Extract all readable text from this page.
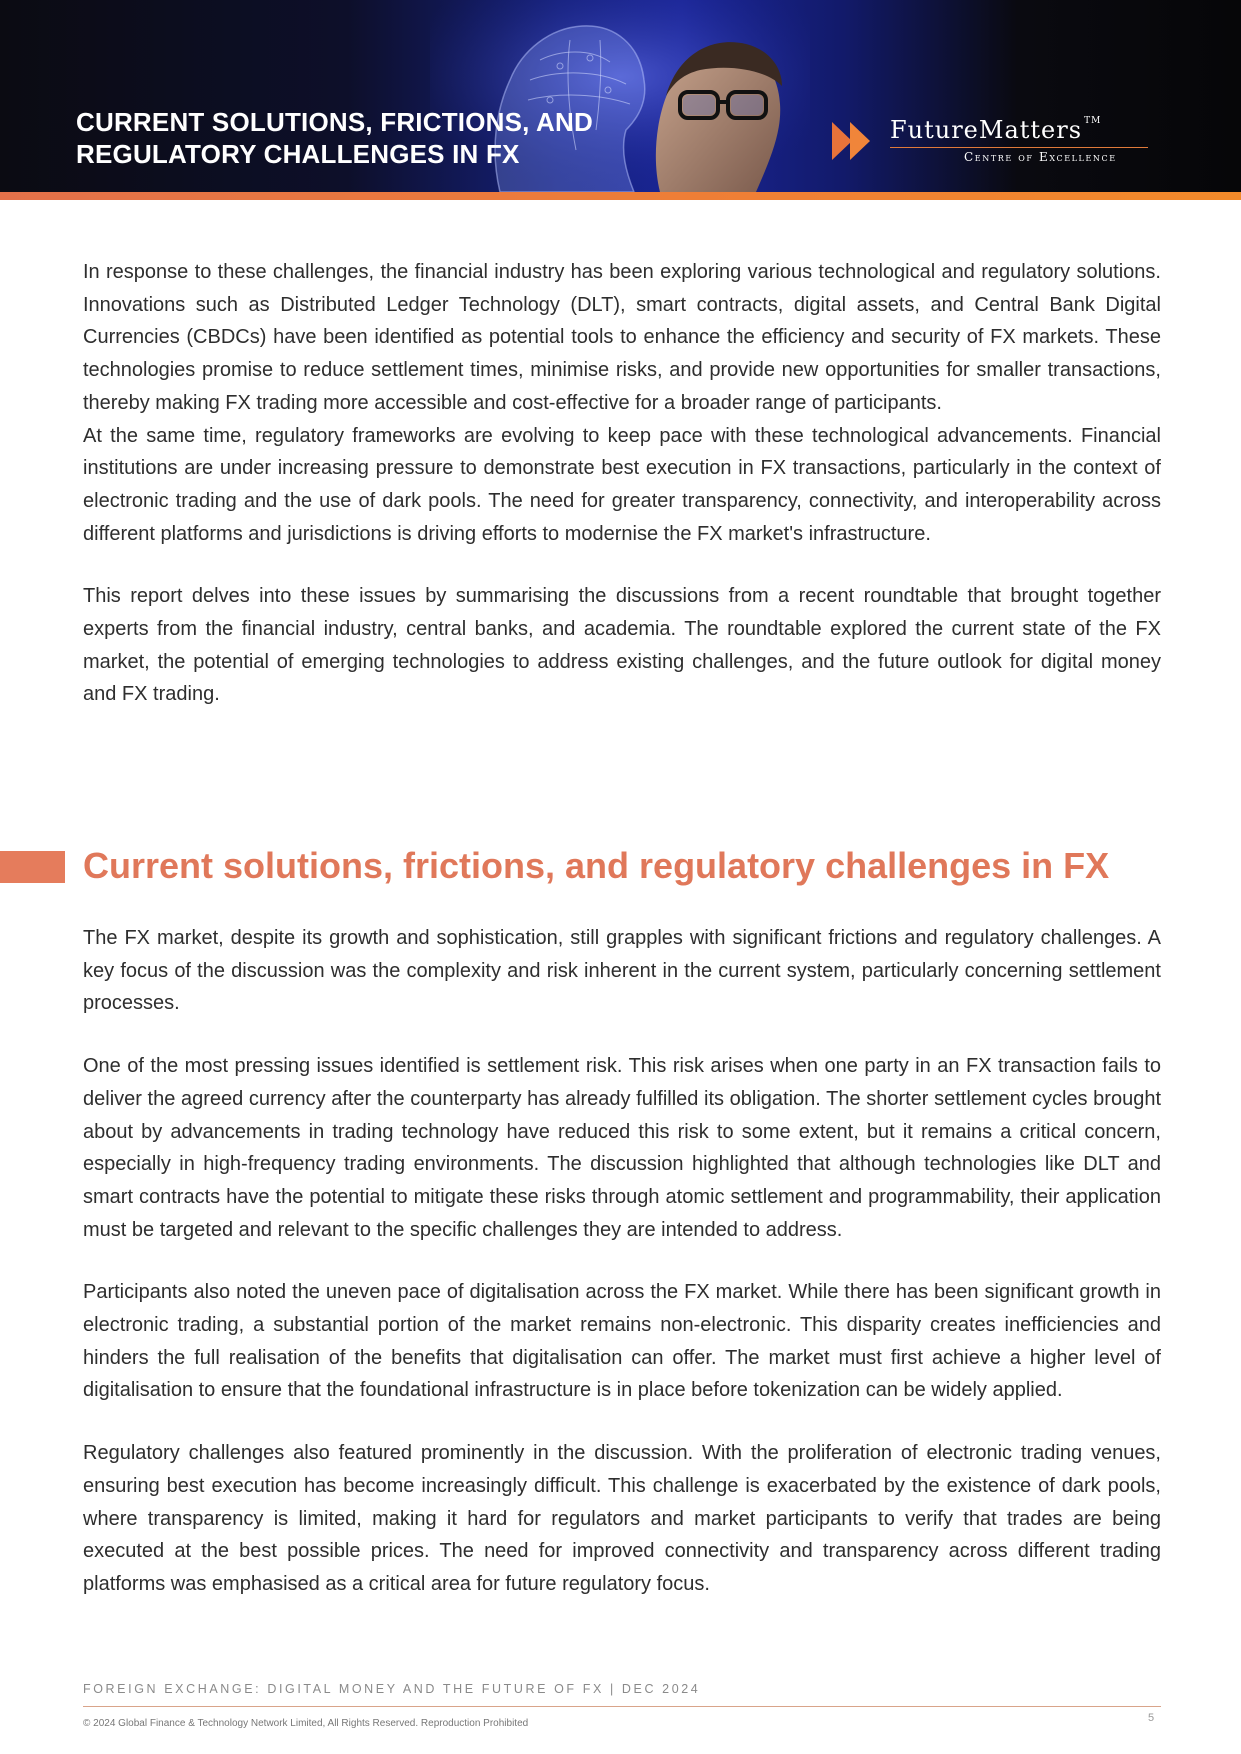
CURRENT SOLUTIONS, FRICTIONS, AND
REGULATORY CHALLENGES IN FX
FutureMatters ™
Centre of Excellence

In response to these challenges, the financial industry has been exploring various technological and regulatory solutions. Innovations such as Distributed Ledger Technology (DLT), smart contracts, digital assets, and Central Bank Digital Currencies (CBDCs) have been identified as potential tools to enhance the efficiency and security of FX markets. These technologies promise to reduce settlement times, minimise risks, and provide new opportunities for smaller transactions, thereby making FX trading more accessible and cost-effective for a broader range of participants.

At the same time, regulatory frameworks are evolving to keep pace with these technological advancements. Financial institutions are under increasing pressure to demonstrate best execution in FX transactions, particularly in the context of electronic trading and the use of dark pools. The need for greater transparency, connectivity, and interoperability across different platforms and jurisdictions is driving efforts to modernise the FX market's infrastructure.

This report delves into these issues by summarising the discussions from a recent roundtable that brought together experts from the financial industry, central banks, and academia. The roundtable explored the current state of the FX market, the potential of emerging technologies to address existing challenges, and the future outlook for digital money and FX trading.

Current solutions, frictions, and regulatory challenges in FX

The FX market, despite its growth and sophistication, still grapples with significant frictions and regulatory challenges. A key focus of the discussion was the complexity and risk inherent in the current system, particularly concerning settlement processes.

One of the most pressing issues identified is settlement risk. This risk arises when one party in an FX transaction fails to deliver the agreed currency after the counterparty has already fulfilled its obligation. The shorter settlement cycles brought about by advancements in trading technology have reduced this risk to some extent, but it remains a critical concern, especially in high-frequency trading environments. The discussion highlighted that although technologies like DLT and smart contracts have the potential to mitigate these risks through atomic settlement and programmability, their application must be targeted and relevant to the specific challenges they are intended to address.

Participants also noted the uneven pace of digitalisation across the FX market. While there has been significant growth in electronic trading, a substantial portion of the market remains non-electronic. This disparity creates inefficiencies and hinders the full realisation of the benefits that digitalisation can offer. The market must first achieve a higher level of digitalisation to ensure that the foundational infrastructure is in place before tokenization can be widely applied.

Regulatory challenges also featured prominently in the discussion. With the proliferation of electronic trading venues, ensuring best execution has become increasingly difficult. This challenge is exacerbated by the existence of dark pools, where transparency is limited, making it hard for regulators and market participants to verify that trades are being executed at the best possible prices. The need for improved connectivity and transparency across different trading platforms was emphasised as a critical area for future regulatory focus.

FOREIGN EXCHANGE: DIGITAL MONEY AND THE FUTURE OF FX | DEC 2024

© 2024 Global Finance & Technology Network Limited, All Rights Reserved. Reproduction Prohibited	5
